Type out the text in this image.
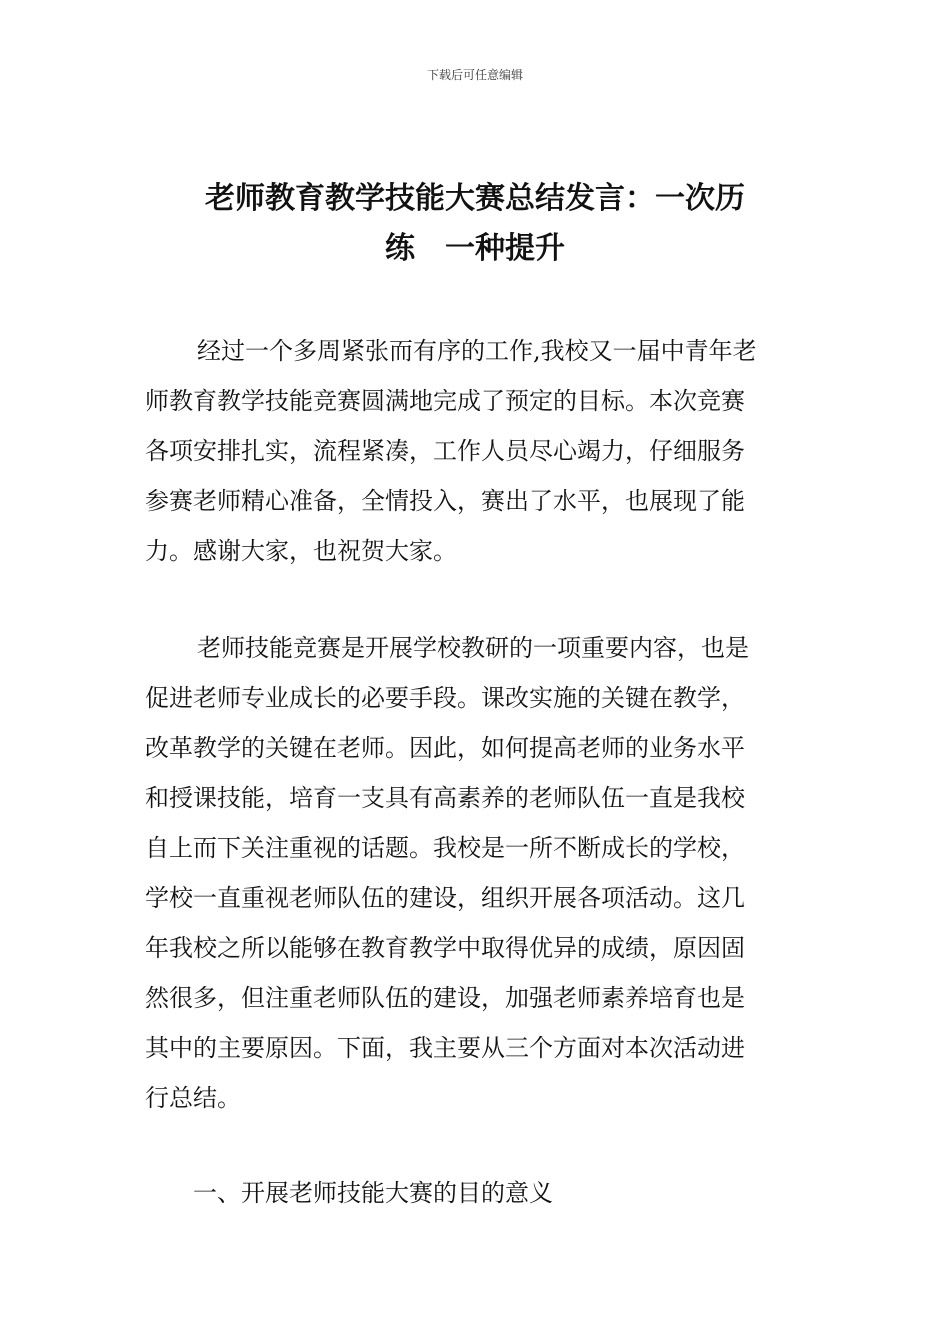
下载后可任意编辑
老师教育教学技能大赛总结发言：一次历
练　一种提升
经过一个多周紧张而有序的工作,我校又一届中青年老
师教育教学技能竞赛圆满地完成了预定的目标。本次竞赛
各项安排扎实，流程紧凑，工作人员尽心竭力，仔细服务
参赛老师精心准备，全情投入，赛出了水平，也展现了能
力。感谢大家，也祝贺大家。
老师技能竞赛是开展学校教研的一项重要内容，也是
促进老师专业成长的必要手段。课改实施的关键在教学，
改革教学的关键在老师。因此，如何提高老师的业务水平
和授课技能，培育一支具有高素养的老师队伍一直是我校
自上而下关注重视的话题。我校是一所不断成长的学校，
学校一直重视老师队伍的建设，组织开展各项活动。这几
年我校之所以能够在教育教学中取得优异的成绩，原因固
然很多，但注重老师队伍的建设，加强老师素养培育也是
其中的主要原因。下面，我主要从三个方面对本次活动进
行总结。
一、开展老师技能大赛的目的意义
